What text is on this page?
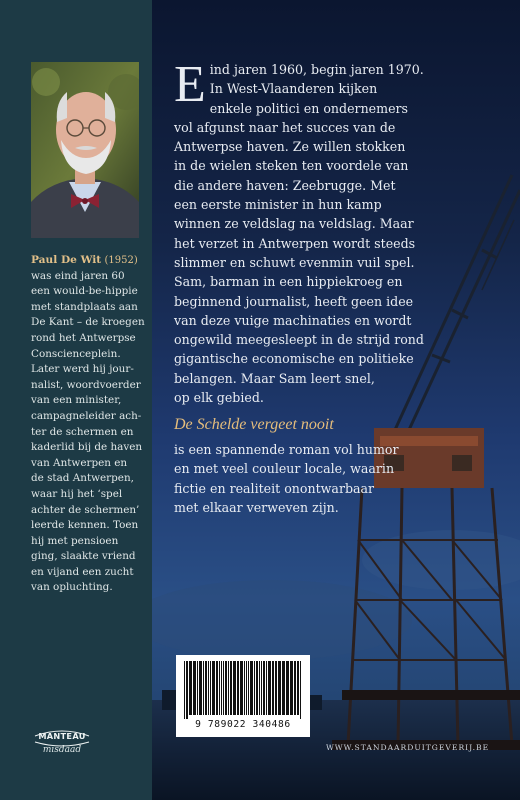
Paul De Wit (1952)

was eind jaren 60

een would-be-hippie

met standplaats aan

De Kant – de kroegen

rond het Antwerpse

Conscienceplein.

Later werd hij jour-

nalist, woordvoerder

van een minister,

campagneleider ach-

ter de schermen en

kaderlid bij de haven

van Antwerpen en

de stad Antwerpen,

waar hij het ‘spel

achter de schermen’

leerde kennen. Toen

hij met pensioen

ging, slaakte vriend

en vijand een zucht

van opluchting.

MANTEAU
misdaad
E ind jaren 1960, begin jaren 1970.

In West-Vlaanderen kijken

enkele politici en ondernemers

vol afgunst naar het succes van de

Antwerpse haven. Ze willen stokken

in de wielen steken ten voordele van

die andere haven: Zeebrugge. Met

een eerste minister in hun kamp

winnen ze veldslag na veldslag. Maar

het verzet in Antwerpen wordt steeds

slimmer en schuwt evenmin vuil spel.

Sam, barman in een hippiekroeg en

beginnend journalist, heeft geen idee

van deze vuige machinaties en wordt

ongewild meegesleept in de strijd rond

gigantische economische en politieke

belangen. Maar Sam leert snel,

op elk gebied.

De Schelde vergeet nooit

is een spannende roman vol humor

en met veel couleur locale, waarin

fictie en realiteit onontwarbaar

met elkaar verweven zijn.

9 789022 340486
WWW.STANDAARDUITGEVERIJ.BE
